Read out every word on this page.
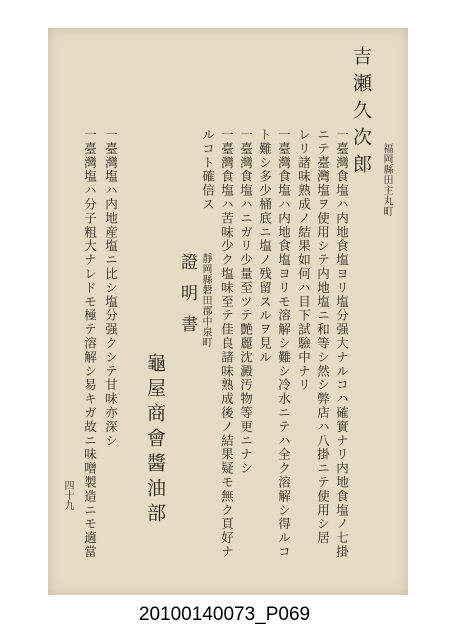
吉瀬久次郎 福岡縣田主丸町
一臺灣食塩ハ内地食塩ヨリ塩分强大ナルコハ確實ナリ内地食塩ノ七掛
ニテ臺灣塩ヲ使用シテ内地塩ニ和等シ然シ弊店ハ八掛ニテ使用シ居
レリ諸味熟成ノ結果如何ハ目下試驗中ナリ
一臺灣食塩ハ内地食塩ヨリモ溶解シ難シ冷水ニテハ全ク溶解シ得ルコ
ト難シ多少桶底ニ塩ノ残留スルヲ見ル
一臺灣食塩ハニガリ少量至ツテ艶麗沈澱汚物等更ニナシ
一臺灣食塩ハ苦味少ク塩味至テ佳良諸味熟成後ノ結果疑モ無ク頁好ナ
ルコト確信ス
證明書 靜岡縣磐田郡中泉町
龜屋商會醬油部
一臺灣塩ハ内地産塩ニ比シ塩分强クシテ甘味亦深シ
一臺灣塩ハ分子粗大ナレドモ極テ溶解シ易キガ故ニ味噌製造ニモ適當
四十九
20100140073_P069
